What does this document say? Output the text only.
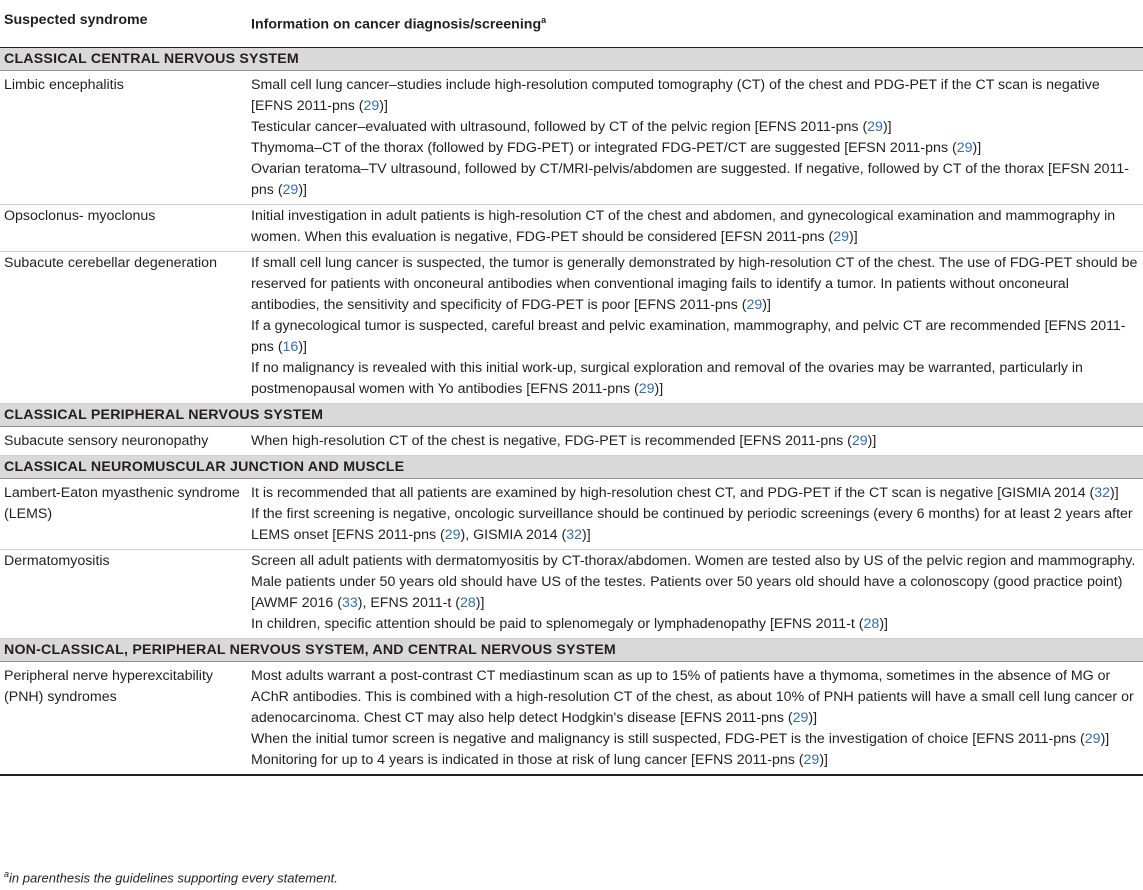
Suspected syndrome	Information on cancer diagnosis/screening$^a$
CLASSICAL CENTRAL NERVOUS SYSTEM	
Limbic encephalitis	Small cell lung cancer–studies include high-resolution computed tomography (CT) of the chest and PDG-PET if the CT scan is negative [EFNS 2011-pns (29)]

Testicular cancer–evaluated with ultrasound, followed by CT of the pelvic region [EFNS 2011-pns (29)]

Thymoma–CT of the thorax (followed by FDG-PET) or integrated FDG-PET/CT are suggested [EFSN 2011-pns (29)]

Ovarian teratoma–TV ultrasound, followed by CT/MRI-pelvis/abdomen are suggested. If negative, followed by CT of the thorax [EFSN 2011-pns (29)]

Opsoclonus- myoclonus	Initial investigation in adult patients is high-resolution CT of the chest and abdomen, and gynecological examination and mammography in women. When this evaluation is negative, FDG-PET should be considered [EFSN 2011-pns (29)]

Subacute cerebellar degeneration	If small cell lung cancer is suspected, the tumor is generally demonstrated by high-resolution CT of the chest. The use of FDG-PET should be reserved for patients with onconeural antibodies when conventional imaging fails to identify a tumor. In patients without onconeural antibodies, the sensitivity and specificity of FDG-PET is poor [EFNS 2011-pns (29)]

If a gynecological tumor is suspected, careful breast and pelvic examination, mammography, and pelvic CT are recommended [EFNS 2011-pns (16)]

If no malignancy is revealed with this initial work-up, surgical exploration and removal of the ovaries may be warranted, particularly in postmenopausal women with Yo antibodies [EFNS 2011-pns (29)]

CLASSICAL PERIPHERAL NERVOUS SYSTEM	
Subacute sensory neuronopathy	When high-resolution CT of the chest is negative, FDG-PET is recommended [EFNS 2011-pns (29)]

CLASSICAL NEUROMUSCULAR JUNCTION AND MUSCLE	
Lambert-Eaton myasthenic syndrome (LEMS)	It is recommended that all patients are examined by high-resolution chest CT, and PDG-PET if the CT scan is negative [GISMIA 2014 (32)]

If the first screening is negative, oncologic surveillance should be continued by periodic screenings (every 6 months) for at least 2 years after LEMS onset [EFNS 2011-pns (29), GISMIA 2014 (32)]

Dermatomyositis	Screen all adult patients with dermatomyositis by CT-thorax/abdomen. Women are tested also by US of the pelvic region and mammography. Male patients under 50 years old should have US of the testes. Patients over 50 years old should have a colonoscopy (good practice point) [AWMF 2016 (33), EFNS 2011-t (28)]

In children, specific attention should be paid to splenomegaly or lymphadenopathy [EFNS 2011-t (28)]

NON-CLASSICAL, PERIPHERAL NERVOUS SYSTEM, AND CENTRAL NERVOUS SYSTEM	
Peripheral nerve hyperexcitability (PNH) syndromes	Most adults warrant a post-contrast CT mediastinum scan as up to 15% of patients have a thymoma, sometimes in the absence of MG or AChR antibodies. This is combined with a high-resolution CT of the chest, as about 10% of PNH patients will have a small cell lung cancer or adenocarcinoma. Chest CT may also help detect Hodgkin's disease [EFNS 2011-pns (29)]

When the initial tumor screen is negative and malignancy is still suspected, FDG-PET is the investigation of choice [EFNS 2011-pns (29)]

Monitoring for up to 4 years is indicated in those at risk of lung cancer [EFNS 2011-pns (29)]

$^a$in parenthesis the guidelines supporting every statement.
